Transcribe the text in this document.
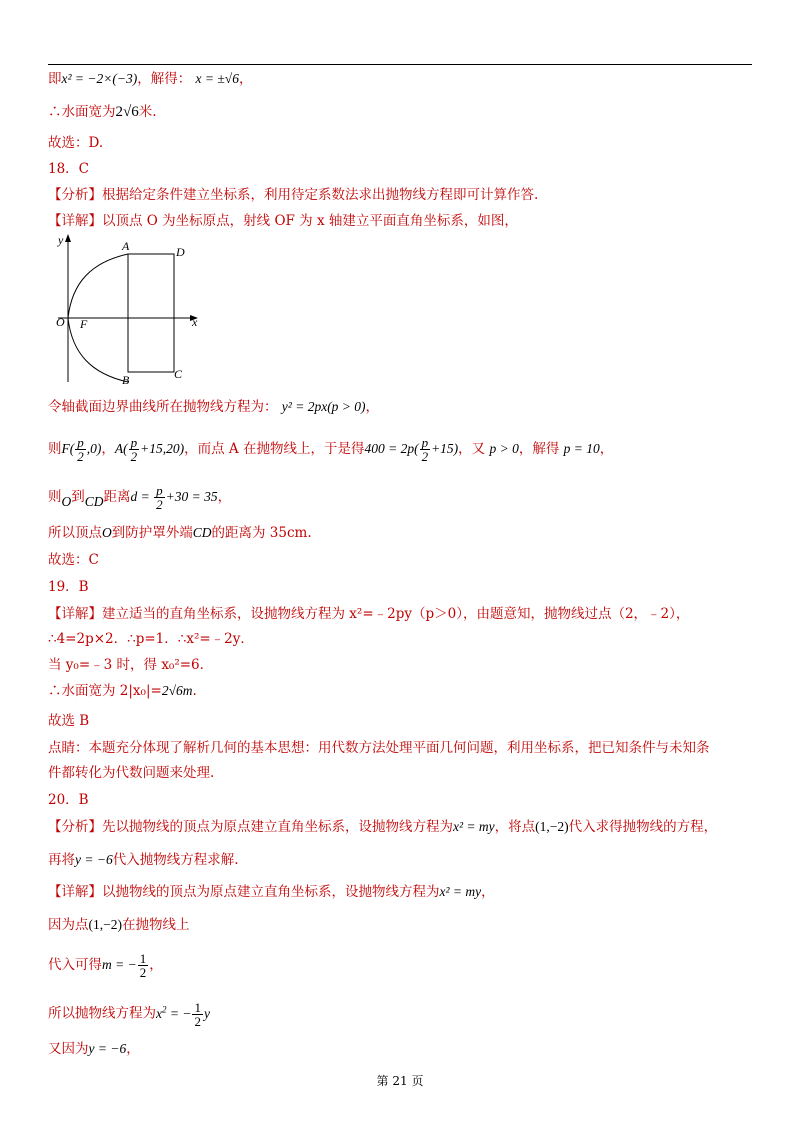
即x² = −2×(−3)，解得： x = ±√6，
∴水面宽为2√6米.
故选：D.
18．C
【分析】根据给定条件建立坐标系，利用待定系数法求出抛物线方程即可计算作答.
【详解】以顶点 O 为坐标原点，射线 OF 为 x 轴建立平面直角坐标系，如图，
y	A	D
O F	x
B	C
令轴截面边界曲线所在抛物线方程为： y² = 2px(p > 0)，
则$F( \frac{p}{2} ,0)$，$A( \frac{p}{2} +15,20)$，而点 A 在抛物线上，于是得$400 = 2p( \frac{p}{2} +15)$，又 p > 0，解得 p = 10，
则O到CD距离$d = \frac{p}{2} +30 = 35$，
所以顶点O到防护罩外端CD的距离为 35cm.
故选：C
19．B
【详解】建立适当的直角坐标系，设抛物线方程为 x²=﹣2py（p＞0），由题意知，抛物线过点（2，﹣2），
∴4=2p×2．∴p=1．∴x²=﹣2y．
当 y₀=﹣3 时，得 x₀²=6．
∴水面宽为 2|x₀|=2√6m.
故选 B
点睛：本题充分体现了解析几何的基本思想：用代数方法处理平面几何问题，利用坐标系，把已知条件与未知条
件都转化为代数问题来处理.
20．B
【分析】先以抛物线的顶点为原点建立直角坐标系，设抛物线方程为x² = my，将点(1,−2)代入求得抛物线的方程，
再将y = −6代入抛物线方程求解.
【详解】以抛物线的顶点为原点建立直角坐标系，设抛物线方程为x² = my，
因为点(1,−2)在抛物线上
代入可得m = − $\frac{1}{2}$ ，
所以抛物线方程为$x^2$ = − $\frac{1}{2}$ y
又因为y = −6，
第 21 页
